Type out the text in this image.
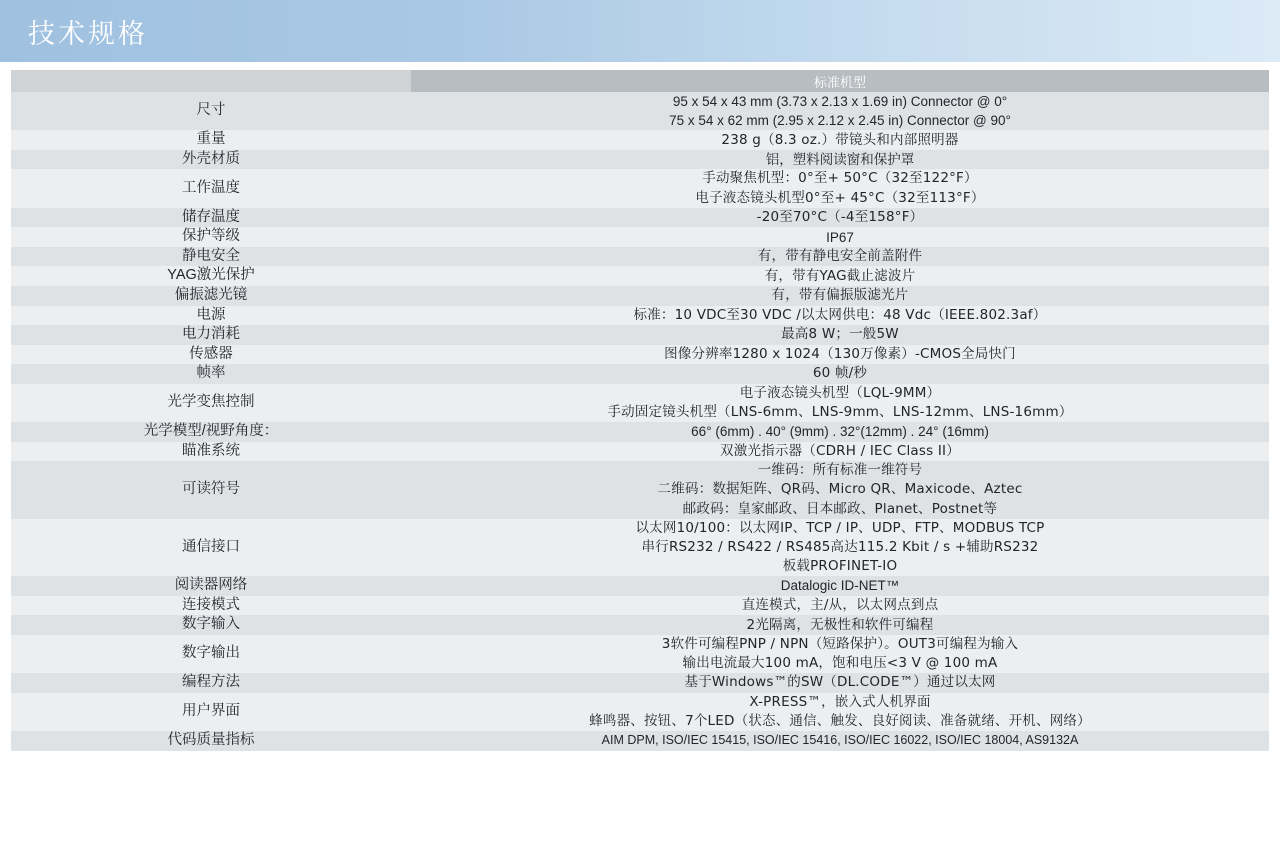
技术规格
	标准机型
尺寸	95 x 54 x 43 mm (3.73 x 2.13 x 1.69 in) Connector @ 0°
75 x 54 x 62 mm (2.95 x 2.12 x 2.45 in) Connector @ 90°

重量	238 g（8.3 oz.）带镜头和内部照明器

外壳材质	铝，塑料阅读窗和保护罩

工作温度	手动聚焦机型：0°至+ 50°C（32至122°F）
电子液态镜头机型0°至+ 45°C（32至113°F）

储存温度	-20至70°C（-4至158°F）

保护等级	IP67

静电安全	有，带有静电安全前盖附件

YAG激光保护	有，带有YAG截止滤波片

偏振滤光镜	有，带有偏振版滤光片

电源	标准：10 VDC至30 VDC /以太网供电：48 Vdc（IEEE.802.3af）

电力消耗	最高8 W；一般5W

传感器	图像分辨率1280 x 1024（130万像素）-CMOS全局快门

帧率	60 帧/秒

光学变焦控制	电子液态镜头机型（LQL-9MM）
手动固定镜头机型（LNS-6mm、LNS-9mm、LNS-12mm、LNS-16mm）

光学模型/视野角度：	66° (6mm) . 40° (9mm) . 32°(12mm) . 24° (16mm)

瞄准系统	双激光指示器（CDRH / IEC Class II）

可读符号	一维码：所有标准一维符号
二维码：数据矩阵、QR码、Micro QR、Maxicode、Aztec
邮政码：皇家邮政、日本邮政、Planet、Postnet等

通信接口	以太网10/100：以太网IP、TCP / IP、UDP、FTP、MODBUS TCP
串行RS232 / RS422 / RS485高达115.2 Kbit / s +辅助RS232
板载PROFINET-IO

阅读器网络	Datalogic ID-NET™

连接模式	直连模式，主/从，以太网点到点

数字输入	2光隔离，无极性和软件可编程

数字输出	3软件可编程PNP / NPN（短路保护）。OUT3可编程为输入
输出电流最大100 mA，饱和电压<3 V @ 100 mA

编程方法	基于Windows™的SW（DL.CODE™）通过以太网

用户界面	X-PRESS™，嵌入式人机界面
蜂鸣器、按钮、7个LED（状态、通信、触发、良好阅读、准备就绪、开机、网络）

代码质量指标	AIM DPM, ISO/IEC 15415, ISO/IEC 15416, ISO/IEC 16022, ISO/IEC 18004, AS9132A
